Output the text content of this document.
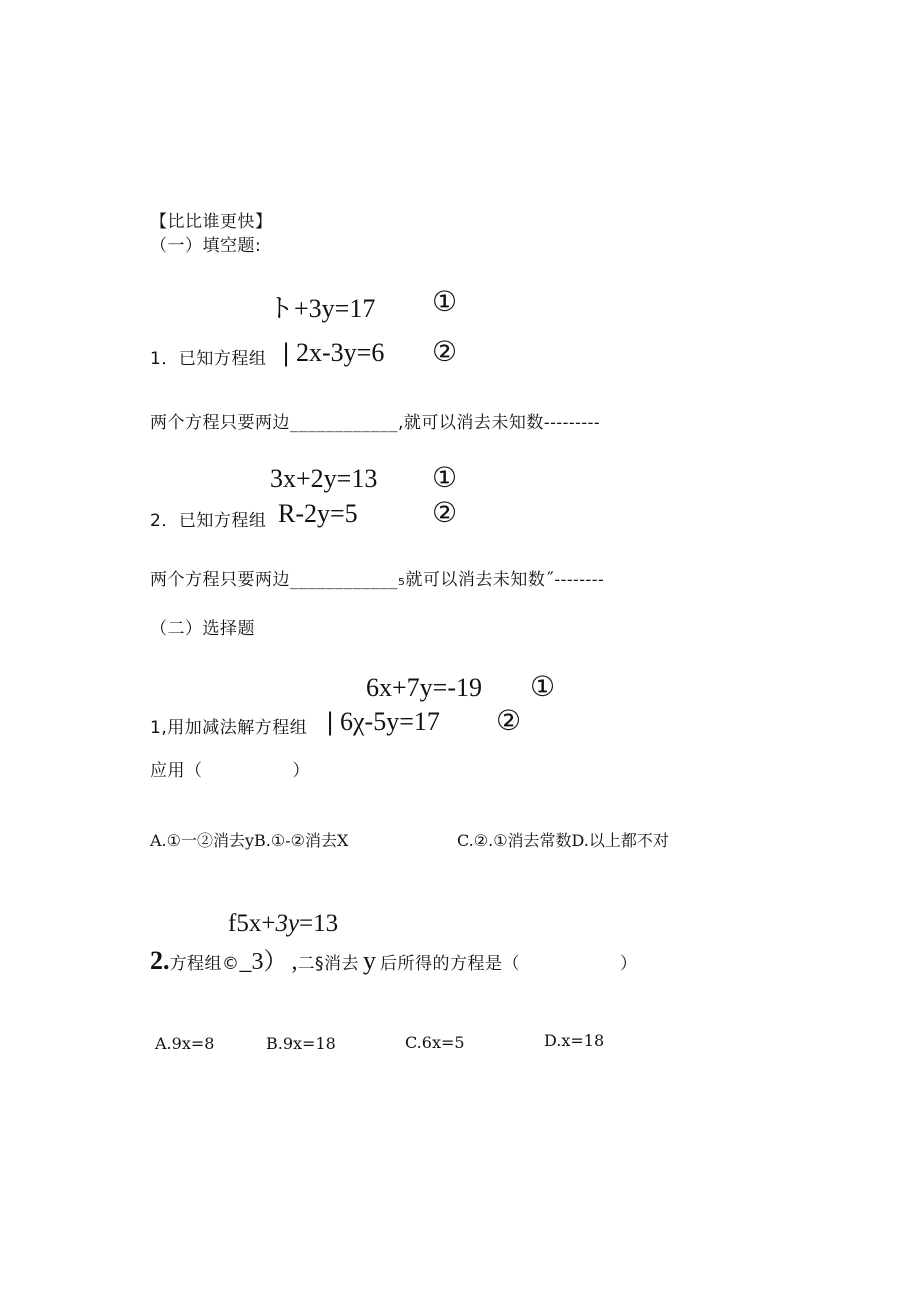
【比比谁更快】
（一）填空题:
ト+3y=17 ①
1．已知方程组 | 2x-3y=6 ②
两个方程只要两边____________,就可以消去未知数---------
3x+2y=13 ①
2．已知方程组 R-2y=5	②
两个方程只要两边____________₅就可以消去未知数˝--------
（二）选择题
6x+7y=-19 ①
1,用加减法解方程组 | 6χ-5y=17 ②
应用（	）
A.①一②消去yB.①-②消去X	C.②.①消去常数D.以上都不对
f5x+3y=13
2.方程组©_3） ,二§消去 y 后所得的方程是（	）
A.9x=8	B.9x=18	C.6x=5	D.x=18
